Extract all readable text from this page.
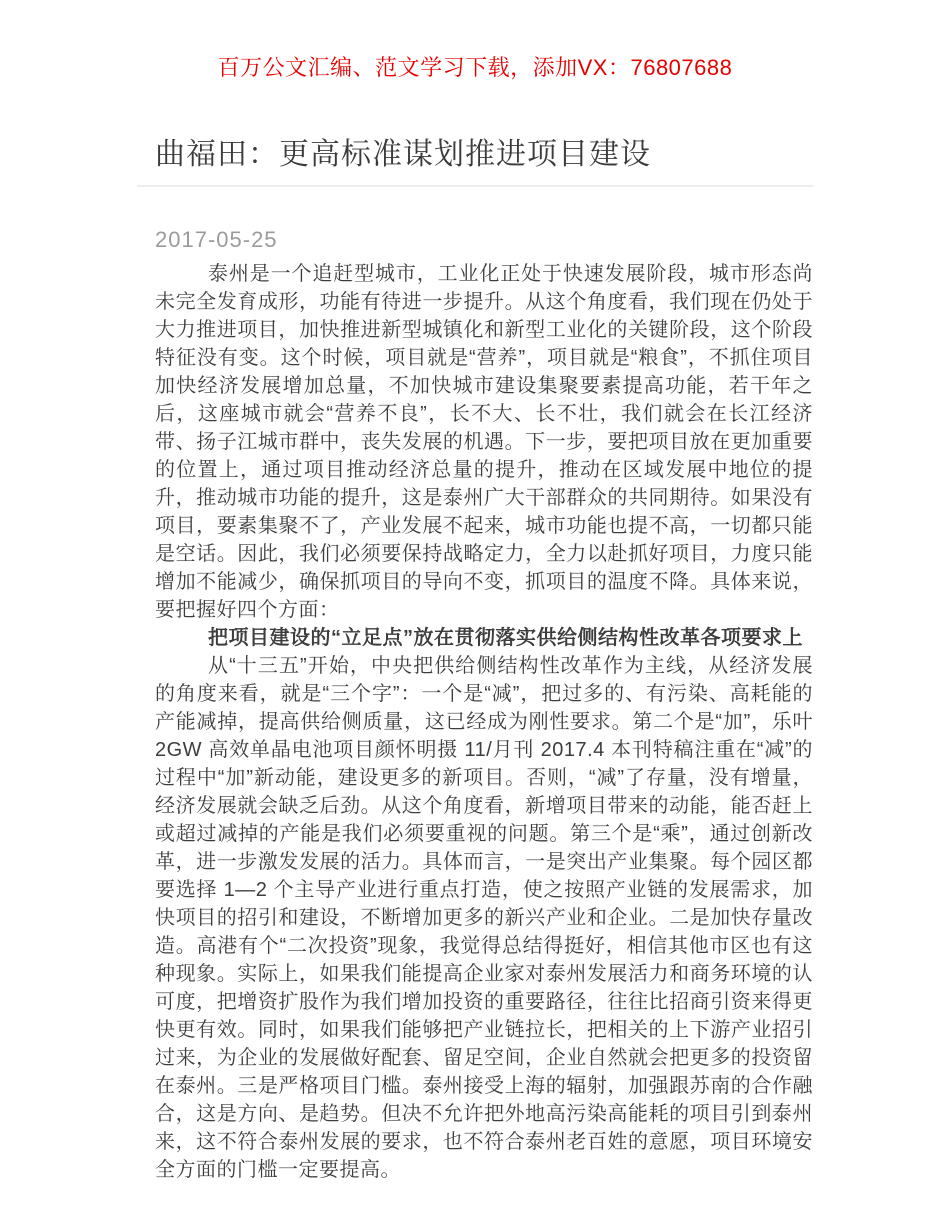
百万公文汇编、范文学习下载，添加VX：76807688
曲福田：更高标准谋划推进项目建设
2017-05-25

泰州是一个追赶型城市，工业化正处于快速发展阶段，城市形态尚未完全发育成形，功能有待进一步提升。从这个角度看，我们现在仍处于大力推进项目，加快推进新型城镇化和新型工业化的关键阶段，这个阶段特征没有变。这个时候，项目就是“营养”，项目就是“粮食”，不抓住项目加快经济发展增加总量，不加快城市建设集聚要素提高功能，若干年之后，这座城市就会“营养不良”，长不大、长不壮，我们就会在长江经济带、扬子江城市群中，丧失发展的机遇。下一步，要把项目放在更加重要的位置上，通过项目推动经济总量的提升，推动在区域发展中地位的提升，推动城市功能的提升，这是泰州广大干部群众的共同期待。如果没有项目，要素集聚不了，产业发展不起来，城市功能也提不高，一切都只能是空话。因此，我们必须要保持战略定力，全力以赴抓好项目，力度只能增加不能减少，确保抓项目的导向不变，抓项目的温度不降。具体来说，要把握好四个方面：

把项目建设的“立足点”放在贯彻落实供给侧结构性改革各项要求上

从“十三五”开始，中央把供给侧结构性改革作为主线，从经济发展的角度来看，就是“三个字”：一个是“减”，把过多的、有污染、高耗能的产能减掉，提高供给侧质量，这已经成为刚性要求。第二个是“加”，乐叶 2GW 高效单晶电池项目颜怀明摄 11/月刊 2017.4 本刊特稿注重在“减”的过程中“加”新动能，建设更多的新项目。否则，“减”了存量，没有增量，经济发展就会缺乏后劲。从这个角度看，新增项目带来的动能，能否赶上或超过减掉的产能是我们必须要重视的问题。第三个是“乘”，通过创新改革，进一步激发发展的活力。具体而言，一是突出产业集聚。每个园区都要选择 1—2 个主导产业进行重点打造，使之按照产业链的发展需求，加快项目的招引和建设，不断增加更多的新兴产业和企业。二是加快存量改造。高港有个“二次投资”现象，我觉得总结得挺好，相信其他市区也有这种现象。实际上，如果我们能提高企业家对泰州发展活力和商务环境的认可度，把增资扩股作为我们增加投资的重要路径，往往比招商引资来得更快更有效。同时，如果我们能够把产业链拉长，把相关的上下游产业招引过来，为企业的发展做好配套、留足空间，企业自然就会把更多的投资留在泰州。三是严格项目门槛。泰州接受上海的辐射，加强跟苏南的合作融合，这是方向、是趋势。但决不允许把外地高污染高能耗的项目引到泰州来，这不符合泰州发展的要求，也不符合泰州老百姓的意愿，项目环境安全方面的门槛一定要提高。
